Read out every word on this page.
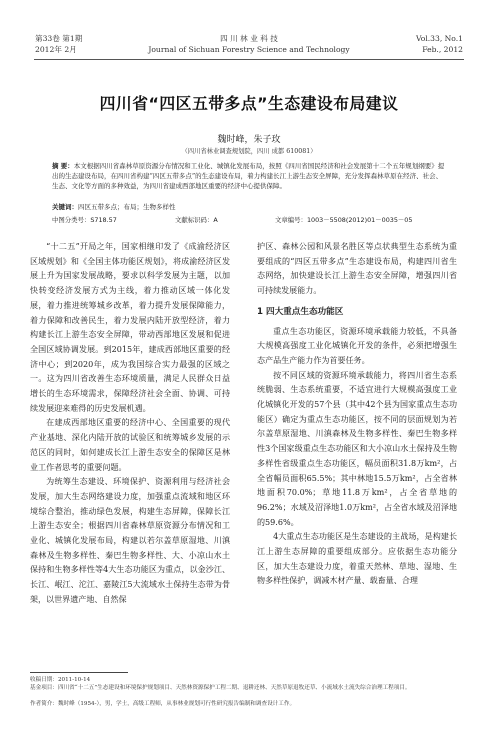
第33卷 第1期
2012年 2月
四 川 林 业 科 技
Journal of Sichuan Forestry Science and Technology
Vol.33, No.1
Feb., 2012
四川省“四区五带多点”生态建设布局建议
魏时峰，朱子玫
（四川省林业调查规划院，四川 成都 610081）
摘 要：本文根据四川省森林草原资源分布情况和工业化、城镇化发展布局，按照《四川省国民经济和社会发展第十二个五年规划纲要》提出的生态建设布局，在四川省构建“四区五带多点”的生态建设布局，着力构建长江上游生态安全屏障，充分发挥森林草原在经济、社会、生态、文化等方面的多种效益，为四川省建成西部地区重要的经济中心提供保障。
关键词：四区五带多点；布局；生物多样性
中图分类号：S718.57	文献标识码：A	文章编号：1003－5508(2012)01－0035－05

“十二五”开局之年，国家相继印发了《成渝经济区区域规划》和《全国主体功能区规划》，将成渝经济区发展上升为国家发展战略，要求以科学发展为主题，以加快转变经济发展方式为主线，着力推动区域一体化发展，着力推进统筹城乡改革，着力提升发展保障能力，着力保障和改善民生，着力发展内陆开放型经济，着力构建长江上游生态安全屏障，带动西部地区发展和促进全国区域协调发展。到2015年，建成西部地区重要的经济中心；到2020年，成为我国综合实力最强的区域之一。这为四川省改善生态环境质量，满足人民群众日益增长的生态环境需求，保障经济社会全面、协调、可持续发展迎来难得的历史发展机遇。

在建成西部地区重要的经济中心、全国重要的现代产业基地、深化内陆开放的试验区和统筹城乡发展的示范区的同时，如何建成长江上游生态安全的保障区是林业工作者思考的重要问题。

为统筹生态建设、环境保护、资源利用与经济社会发展，加大生态网络建设力度，加强重点流域和地区环境综合整治，推动绿色发展，构建生态屏障，保障长江上游生态安全；根据四川省森林草原资源分布情况和工业化、城镇化发展布局，构建以若尔盖草原湿地、川滇森林及生物多样性、秦巴生物多样性、大、小凉山水土保持和生物多样性等4大生态功能区为重点，以金沙江、长江、岷江、沱江、嘉陵江5大流域水土保持生态带为骨架，以世界遗产地、自然保

护区、森林公园和风景名胜区等点状典型生态系统为重要组成的“四区五带多点”生态建设布局，构建四川省生态网络，加快建设长江上游生态安全屏障，增强四川省可持续发展能力。

1 四大重点生态功能区

重点生态功能区，资源环境承载能力较低，不具备大规模高强度工业化城镇化开发的条件，必须把增强生态产品生产能力作为首要任务。

按不同区域的资源环境承载能力，将四川省生态系统脆弱、生态系统重要，不适宜进行大规模高强度工业化城镇化开发的57个县（其中42个县为国家重点生态功能区）确定为重点生态功能区，按不同的层面规划为若尔盖草原湿地、川滇森林及生物多样性、秦巴生物多样性3个国家级重点生态功能区和大小凉山水土保持及生物多样性省级重点生态功能区，幅员面积31.8万km²，占全省幅员面积65.5%；其中林地15.5万km²，占全省林地面积70.0%；草地11.8万km²，占全省草地的96.2%；水域及沼泽地1.0万km²，占全省水域及沼泽地的59.6%。

4大重点生态功能区是生态建设的主战场，是构建长江上游生态屏障的重要组成部分。应依据生态功能分区，加大生态建设力度，着重天然林、草地、湿地、生物多样性保护，调减木材产量、载畜量、合理

收稿日期：2011-10-14
基金项目：四川省“十二五”生态建设和环境保护规划项目、天然林资源保护工程二期、退耕还林、天然草原退牧还草、小流域水土流失综合治理工程项目。
作者简介：魏时峰（1954-），男，学士，高级工程师，从事林业规划可行性研究报告编制和调查设计工作。
